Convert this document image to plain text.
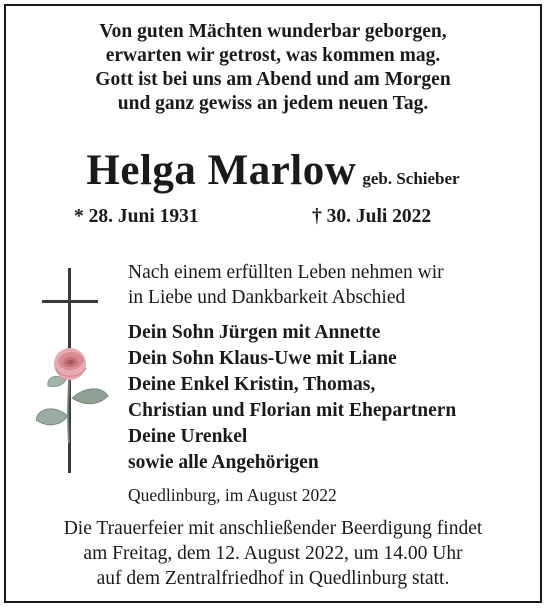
Von guten Mächten wunderbar geborgen,
erwarten wir getrost, was kommen mag.
Gott ist bei uns am Abend und am Morgen
und ganz gewiss an jedem neuen Tag.
Helga Marlow geb. Schieber
* 28. Juni 1931	† 30. Juli 2022
Nach einem erfüllten Leben nehmen wir
in Liebe und Dankbarkeit Abschied
Dein Sohn Jürgen mit Annette
Dein Sohn Klaus-Uwe mit Liane
Deine Enkel Kristin, Thomas,
Christian und Florian mit Ehepartnern
Deine Urenkel
sowie alle Angehörigen
Quedlinburg, im August 2022
Die Trauerfeier mit anschließender Beerdigung findet
am Freitag, dem 12. August 2022, um 14.00 Uhr
auf dem Zentralfriedhof in Quedlinburg statt.
